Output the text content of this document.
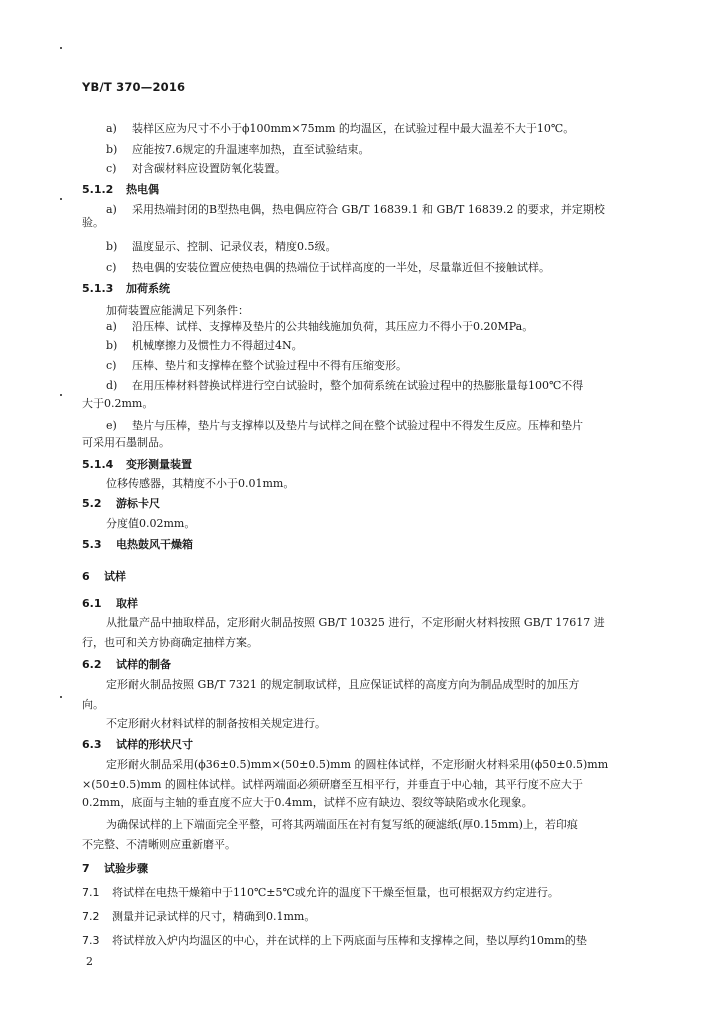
YB/T 370—2016
a) 装样区应为尺寸不小于ϕ100mm×75mm 的均温区，在试验过程中最大温差不大于10℃。
b) 应能按7.6规定的升温速率加热，直至试验结束。
c) 对含碳材料应设置防氧化装置。
5.1.2 热电偶
a) 采用热端封闭的B型热电偶，热电偶应符合 GB/T 16839.1 和 GB/T 16839.2 的要求，并定期校
验。
b) 温度显示、控制、记录仪表，精度0.5级。
c) 热电偶的安装位置应使热电偶的热端位于试样高度的一半处，尽量靠近但不接触试样。
5.1.3 加荷系统
加荷装置应能满足下列条件：
a) 沿压棒、试样、支撑棒及垫片的公共轴线施加负荷，其压应力不得小于0.20MPa。
b) 机械摩擦力及惯性力不得超过4N。
c) 压棒、垫片和支撑棒在整个试验过程中不得有压缩变形。
d) 在用压棒材料替换试样进行空白试验时，整个加荷系统在试验过程中的热膨胀量每100℃不得
大于0.2mm。
e) 垫片与压棒，垫片与支撑棒以及垫片与试样之间在整个试验过程中不得发生反应。压棒和垫片
可采用石墨制品。
5.1.4 变形测量装置
位移传感器，其精度不小于0.01mm。
5.2 游标卡尺
分度值0.02mm。
5.3 电热鼓风干燥箱
6 试样
6.1 取样
从批量产品中抽取样品，定形耐火制品按照 GB/T 10325 进行，不定形耐火材料按照 GB/T 17617 进
行，也可和关方协商确定抽样方案。
6.2 试样的制备
定形耐火制品按照 GB/T 7321 的规定制取试样，且应保证试样的高度方向为制品成型时的加压方
向。
不定形耐火材料试样的制备按相关规定进行。
6.3 试样的形状尺寸
定形耐火制品采用(ϕ36±0.5)mm×(50±0.5)mm 的圆柱体试样，不定形耐火材料采用(ϕ50±0.5)mm
×(50±0.5)mm 的圆柱体试样。试样两端面必须研磨至互相平行，并垂直于中心轴，其平行度不应大于
0.2mm，底面与主轴的垂直度不应大于0.4mm，试样不应有缺边、裂纹等缺陷或水化现象。
为确保试样的上下端面完全平整，可将其两端面压在衬有复写纸的硬滤纸(厚0.15mm)上，若印痕
不完整、不清晰则应重新磨平。
7 试验步骤
7.1 将试样在电热干燥箱中于110℃±5℃或允许的温度下干燥至恒量，也可根据双方约定进行。
7.2 测量并记录试样的尺寸，精确到0.1mm。
7.3 将试样放入炉内均温区的中心，并在试样的上下两底面与压棒和支撑棒之间，垫以厚约10mm的垫
2
